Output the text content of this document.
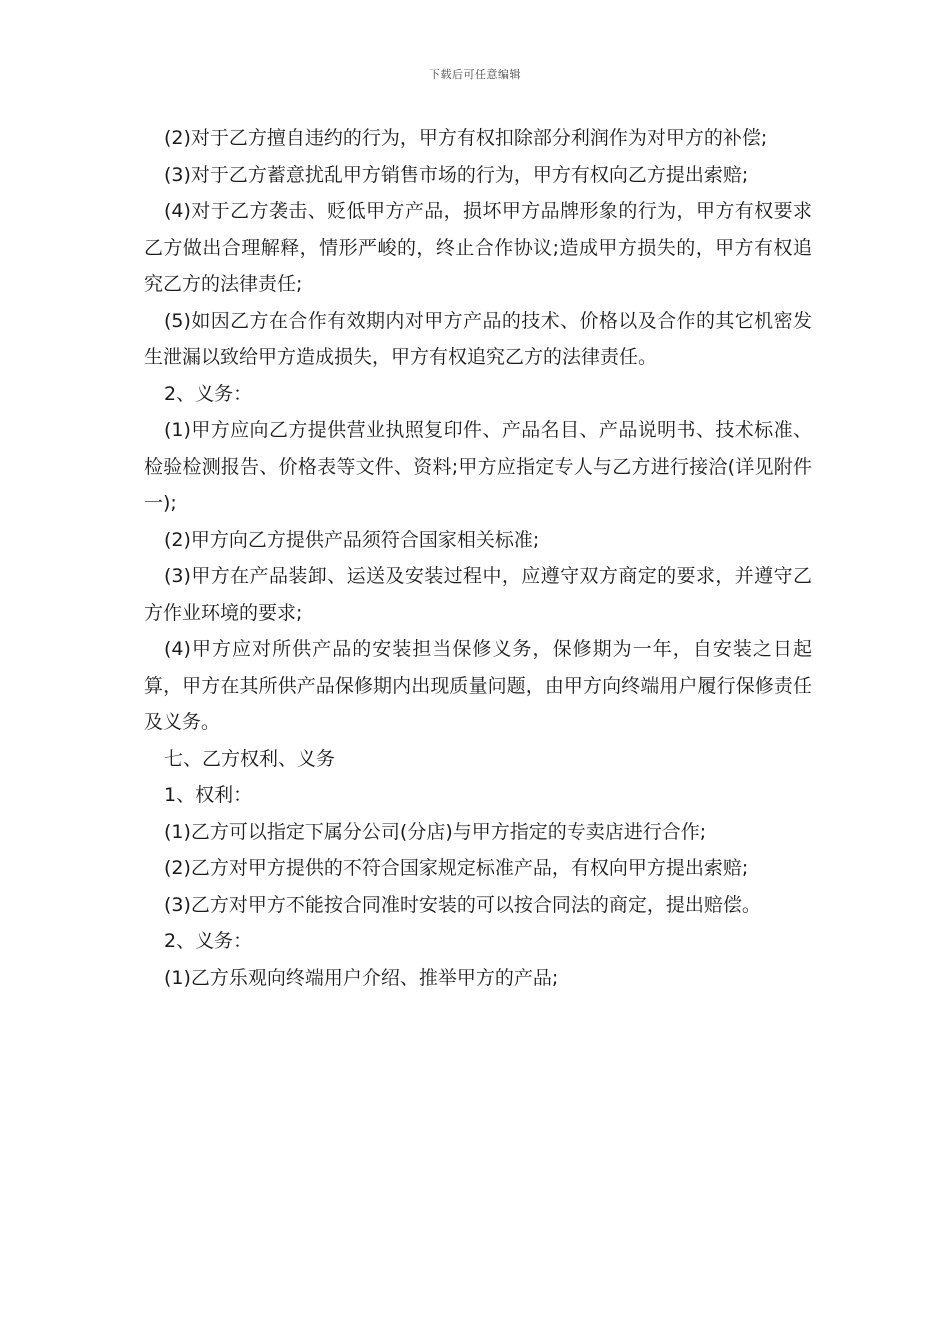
下载后可任意编辑

(2)对于乙方擅自违约的行为，甲方有权扣除部分利润作为对甲方的补偿;

(3)对于乙方蓄意扰乱甲方销售市场的行为，甲方有权向乙方提出索赔;

(4)对于乙方袭击、贬低甲方产品，损坏甲方品牌形象的行为，甲方有权要求乙方做出合理解释，情形严峻的，终止合作协议;造成甲方损失的，甲方有权追究乙方的法律责任;

(5)如因乙方在合作有效期内对甲方产品的技术、价格以及合作的其它机密发生泄漏以致给甲方造成损失，甲方有权追究乙方的法律责任。

2、义务：

(1)甲方应向乙方提供营业执照复印件、产品名目、产品说明书、技术标准、检验检测报告、价格表等文件、资料;甲方应指定专人与乙方进行接洽(详见附件一);

(2)甲方向乙方提供产品须符合国家相关标准;

(3)甲方在产品装卸、运送及安装过程中，应遵守双方商定的要求，并遵守乙方作业环境的要求;

(4)甲方应对所供产品的安装担当保修义务，保修期为一年，自安装之日起算，甲方在其所供产品保修期内出现质量问题，由甲方向终端用户履行保修责任及义务。

七、乙方权利、义务

1、权利：

(1)乙方可以指定下属分公司(分店)与甲方指定的专卖店进行合作;

(2)乙方对甲方提供的不符合国家规定标准产品，有权向甲方提出索赔;

(3)乙方对甲方不能按合同准时安装的可以按合同法的商定，提出赔偿。

2、义务：

(1)乙方乐观向终端用户介绍、推举甲方的产品;
